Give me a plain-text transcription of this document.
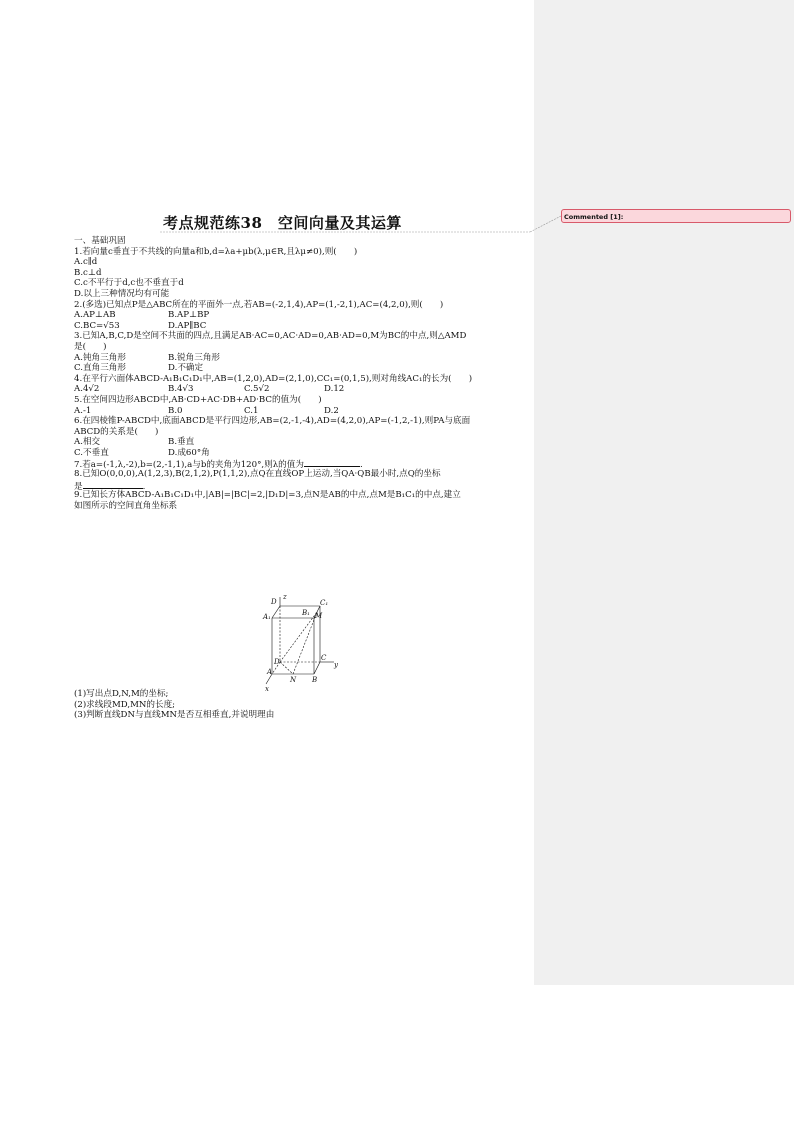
Commented [1]:
考点规范练38　空间向量及其运算
一、基础巩固
1.若向量c垂直于不共线的向量a和b,d=λa+μb(λ,μ∈R,且λμ≠0),则(　　)
A.c∥d
B.c⊥d
C.c不平行于d,c也不垂直于d
D.以上三种情况均有可能
2.(多选)已知点P是△ABC所在的平面外一点,若AB=(-2,1,4),AP=(1,-2,1),AC=(4,2,0),则(　　)
A.AP⊥AB	B.AP⊥BP
C.BC=√53	D.AP∥BC
3.已知A,B,C,D是空间不共面的四点,且满足AB·AC=0,AC·AD=0,AB·AD=0,M为BC的中点,则△AMD
是(　　)
A.钝角三角形	B.锐角三角形
C.直角三角形	D.不确定
4.在平行六面体ABCD-A₁B₁C₁D₁中,AB=(1,2,0),AD=(2,1,0),CC₁=(0,1,5),则对角线AC₁的长为(　　)
A.4√2	B.4√3	C.5√2	D.12
5.在空间四边形ABCD中,AB·CD+AC·DB+AD·BC的值为(　　)
A.-1	B.0	C.1	D.2
6.在四棱锥P-ABCD中,底面ABCD是平行四边形,AB=(2,-1,-4),AD=(4,2,0),AP=(-1,2,-1),则PA与底面
ABCD的关系是(　　)
A.相交	B.垂直
C.不垂直	D.成60°角
7.若a=(-1,λ,-2),b=(2,-1,1),a与b的夹角为120°,则λ的值为	.
8.已知O(0,0,0),A(1,2,3),B(2,1,2),P(1,1,2),点Q在直线OP上运动,当QA·QB最小时,点Q的坐标
是	.
9.已知长方体ABCD-A₁B₁C₁D₁中,|AB|=|BC|=2,|D₁D|=3,点N是AB的中点,点M是B₁C₁的中点,建立
如图所示的空间直角坐标系
D
z
C₁
A₁	B₁ M
D	C
y
A
N B
x
(1)写出点D,N,M的坐标;
(2)求线段MD,MN的长度;
(3)判断直线DN与直线MN是否互相垂直,并说明理由
